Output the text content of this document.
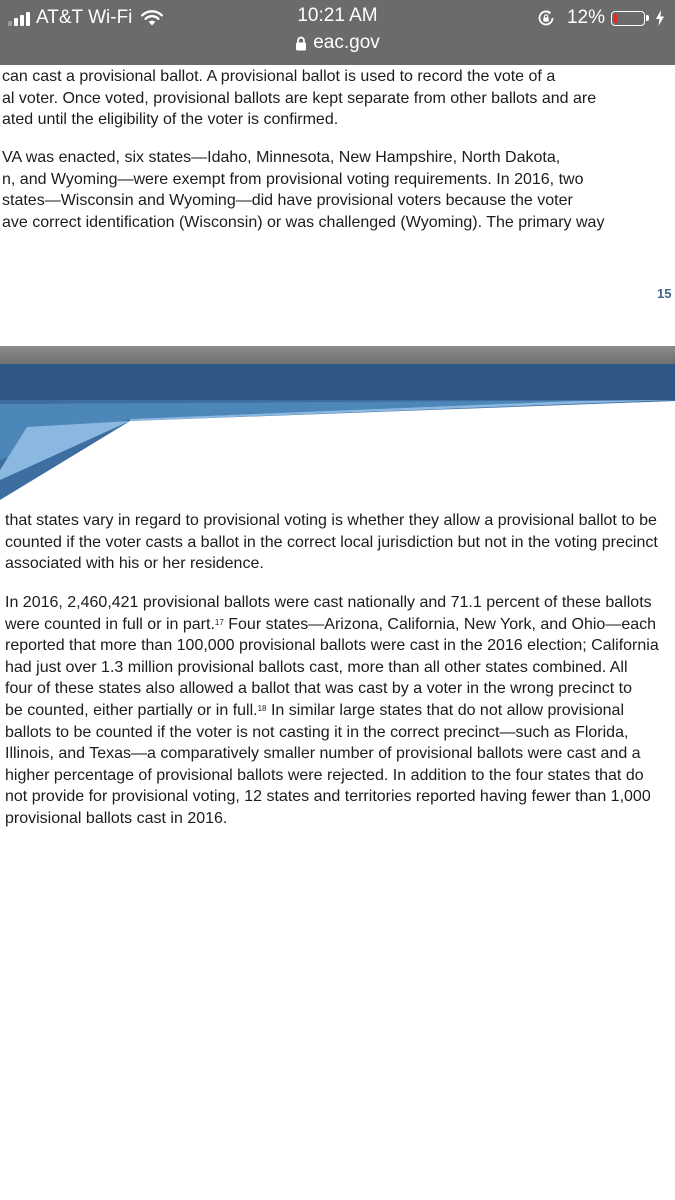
AT&T Wi-Fi	10:21 AM	12%
eac.gov
can cast a provisional ballot. A provisional ballot is used to record the vote of a
al voter. Once voted, provisional ballots are kept separate from other ballots and are
ated until the eligibility of the voter is confirmed.
VA was enacted, six states—Idaho, Minnesota, New Hampshire, North Dakota,
n, and Wyoming—were exempt from provisional voting requirements. In 2016, two
states—Wisconsin and Wyoming—did have provisional voters because the voter
ave correct identification (Wisconsin) or was challenged (Wyoming). The primary way
15
that states vary in regard to provisional voting is whether they allow a provisional ballot to be
counted if the voter casts a ballot in the correct local jurisdiction but not in the voting precinct
associated with his or her residence.
In 2016, 2,460,421 provisional ballots were cast nationally and 71.1 percent of these ballots
were counted in full or in part.$^{17}$ Four states—Arizona, California, New York, and Ohio—each
reported that more than 100,000 provisional ballots were cast in the 2016 election; California
had just over 1.3 million provisional ballots cast, more than all other states combined. All
four of these states also allowed a ballot that was cast by a voter in the wrong precinct to
be counted, either partially or in full.$^{18}$ In similar large states that do not allow provisional
ballots to be counted if the voter is not casting it in the correct precinct—such as Florida,
Illinois, and Texas—a comparatively smaller number of provisional ballots were cast and a
higher percentage of provisional ballots were rejected. In addition to the four states that do
not provide for provisional voting, 12 states and territories reported having fewer than 1,000
provisional ballots cast in 2016.
